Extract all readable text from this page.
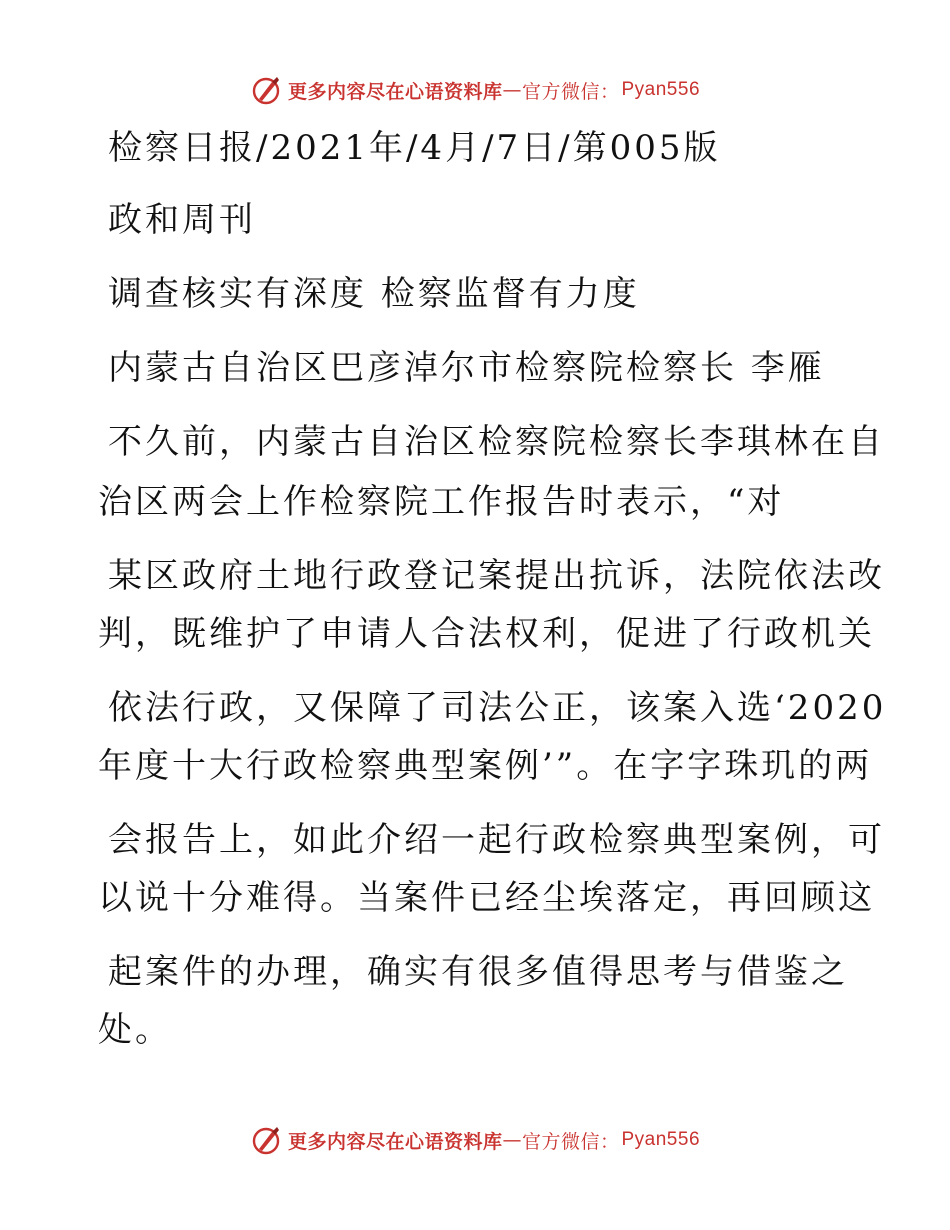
更多内容尽在心语资料库 — 官方微信： Pyan556
检察日报/2021年/4月/7日/第005版
政和周刊
调查核实有深度 检察监督有力度
内蒙古自治区巴彦淖尔市检察院检察长 李雁
不久前，内蒙古自治区检察院检察长李琪林在自
治区两会上作检察院工作报告时表示，“对
某区政府土地行政登记案提出抗诉，法院依法改
判，既维护了申请人合法权利，促进了行政机关
依法行政，又保障了司法公正，该案入选‘2020
年度十大行政检察典型案例’”。在字字珠玑的两
会报告上，如此介绍一起行政检察典型案例，可
以说十分难得。当案件已经尘埃落定，再回顾这
起案件的办理，确实有很多值得思考与借鉴之
处。
更多内容尽在心语资料库 — 官方微信： Pyan556
